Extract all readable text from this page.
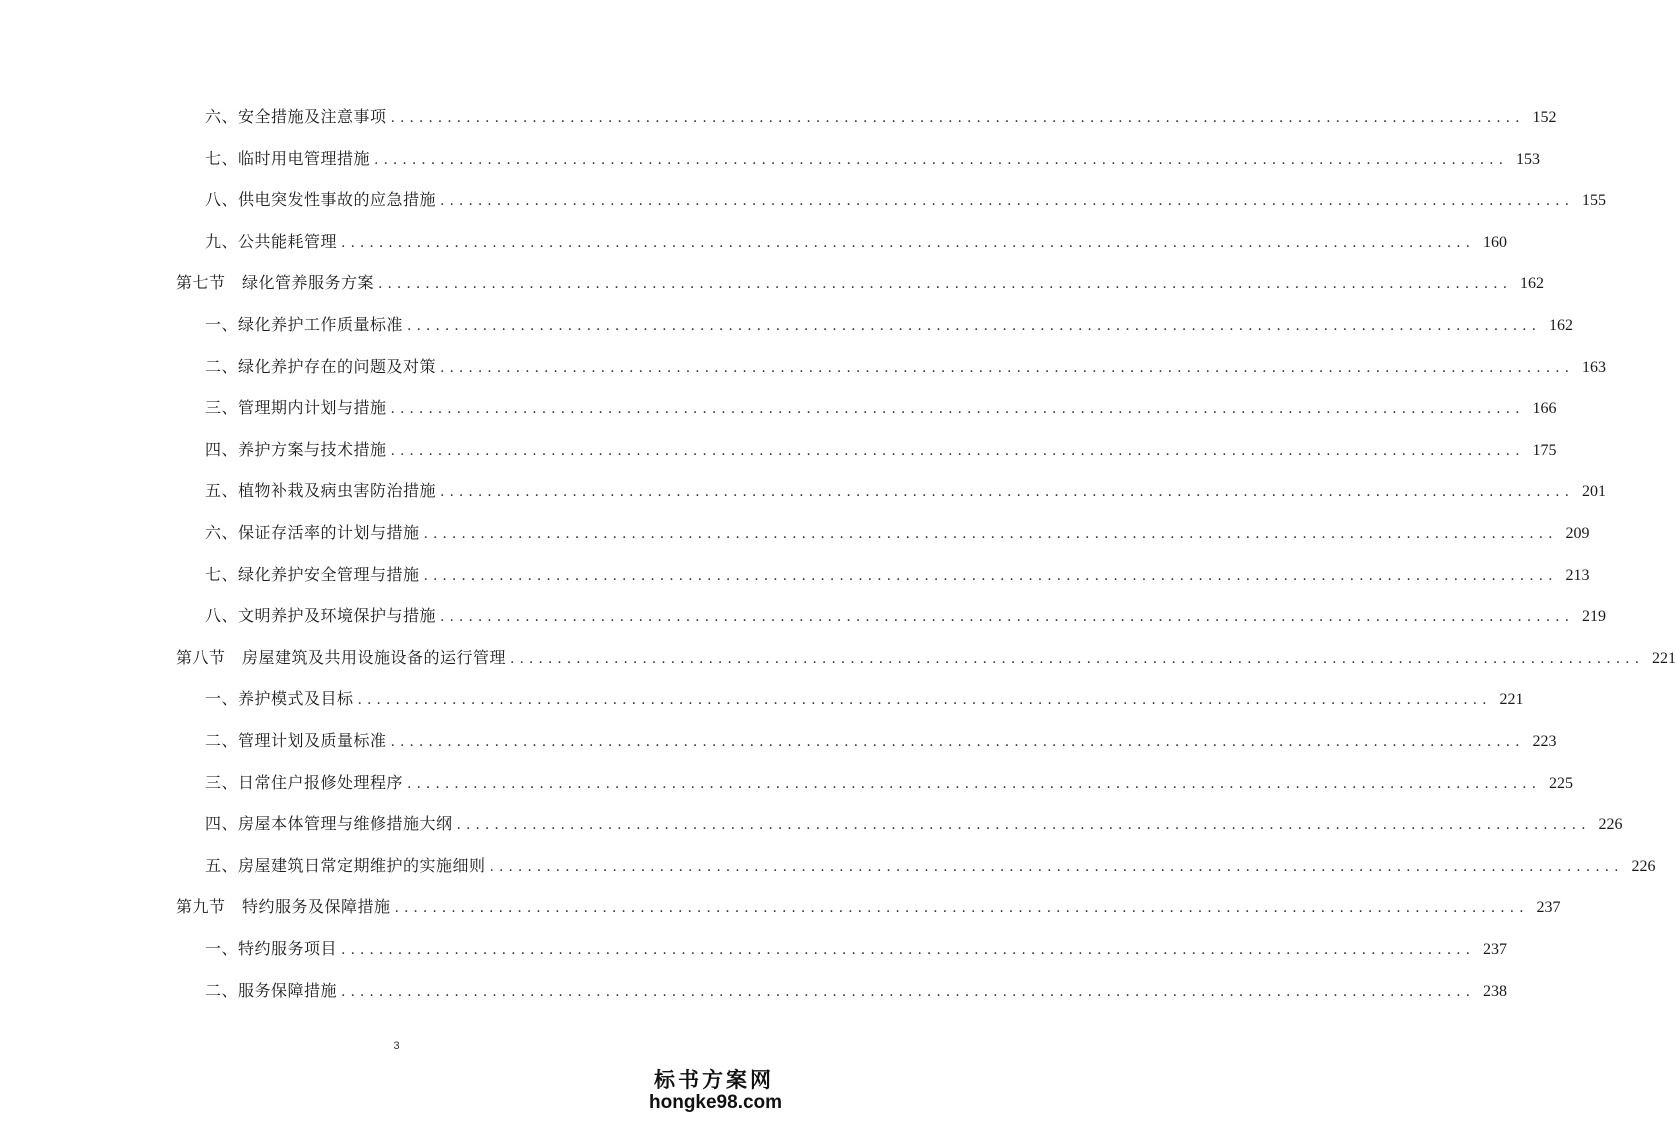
六、安全措施及注意事项 ........................................................................................................................ 152
七、临时用电管理措施 ........................................................................................................................ 153
八、供电突发性事故的应急措施 ........................................................................................................................ 155
九、公共能耗管理 ........................................................................................................................ 160
第七节　绿化管养服务方案 ........................................................................................................................ 162
一、绿化养护工作质量标准 ........................................................................................................................ 162
二、绿化养护存在的问题及对策 ........................................................................................................................ 163
三、管理期内计划与措施 ........................................................................................................................ 166
四、养护方案与技术措施 ........................................................................................................................ 175
五、植物补栽及病虫害防治措施 ........................................................................................................................ 201
六、保证存活率的计划与措施 ........................................................................................................................ 209
七、绿化养护安全管理与措施 ........................................................................................................................ 213
八、文明养护及环境保护与措施 ........................................................................................................................ 219
第八节　房屋建筑及共用设施设备的运行管理 ........................................................................................................................ 221
一、养护模式及目标 ........................................................................................................................ 221
二、管理计划及质量标准 ........................................................................................................................ 223
三、日常住户报修处理程序 ........................................................................................................................ 225
四、房屋本体管理与维修措施大纲 ........................................................................................................................ 226
五、房屋建筑日常定期维护的实施细则 ........................................................................................................................ 226
第九节　特约服务及保障措施 ........................................................................................................................ 237
一、特约服务项目 ........................................................................................................................ 237
二、服务保障措施 ........................................................................................................................ 238
3
标书方案网
hongke98.com
